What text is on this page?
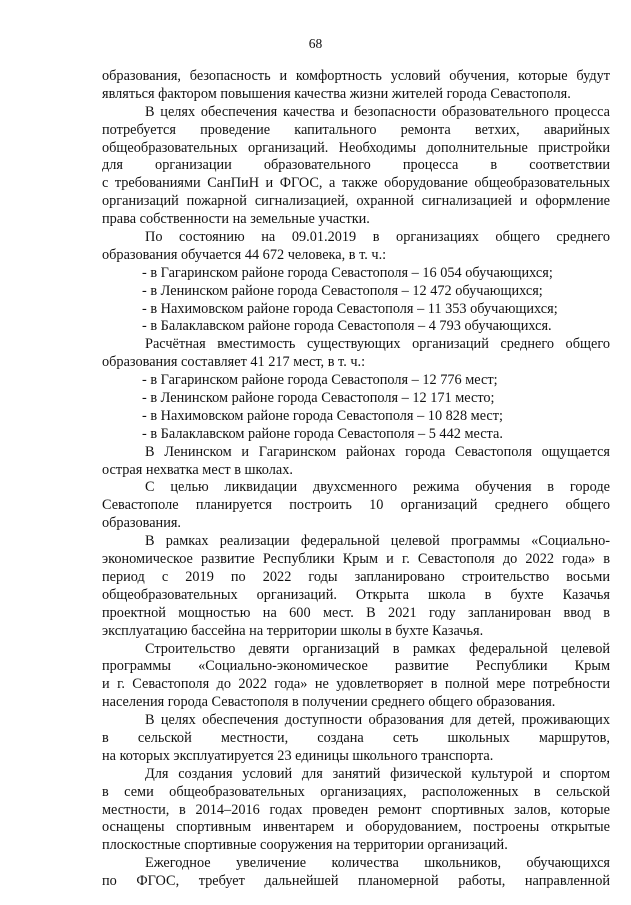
68
образования, безопасность и комфортность условий обучения, которые будут
являться фактором повышения качества жизни жителей города Севастополя.
В целях обеспечения качества и безопасности образовательного процесса
потребуется проведение капитального ремонта ветхих, аварийных
общеобразовательных организаций. Необходимы дополнительные пристройки
для организации образовательного процесса в соответствии
с требованиями СанПиН и ФГОС, а также оборудование общеобразовательных
организаций пожарной сигнализацией, охранной сигнализацией и оформление
права собственности на земельные участки.
По состоянию на 09.01.2019 в организациях общего среднего
образования обучается 44 672 человека, в т. ч.:
- в Гагаринском районе города Севастополя – 16 054 обучающихся;
- в Ленинском районе города Севастополя – 12 472 обучающихся;
- в Нахимовском районе города Севастополя – 11 353 обучающихся;
- в Балаклавском районе города Севастополя – 4 793 обучающихся.
Расчётная вместимость существующих организаций среднего общего
образования составляет 41 217 мест, в т. ч.:
- в Гагаринском районе города Севастополя – 12 776 мест;
- в Ленинском районе города Севастополя – 12 171 место;
- в Нахимовском районе города Севастополя – 10 828 мест;
- в Балаклавском районе города Севастополя – 5 442 места.
В Ленинском и Гагаринском районах города Севастополя ощущается
острая нехватка мест в школах.
С целью ликвидации двухсменного режима обучения в городе
Севастополе планируется построить 10 организаций среднего общего
образования.
В рамках реализации федеральной целевой программы «Социально-
экономическое развитие Республики Крым и г. Севастополя до 2022 года» в
период с 2019 по 2022 годы запланировано строительство восьми
общеобразовательных организаций. Открыта школа в бухте Казачья
проектной мощностью на 600 мест. В 2021 году запланирован ввод в
эксплуатацию бассейна на территории школы в бухте Казачья.
Строительство девяти организаций в рамках федеральной целевой
программы «Социально-экономическое развитие Республики Крым
и г. Севастополя до 2022 года» не удовлетворяет в полной мере потребности
населения города Севастополя в получении среднего общего образования.
В целях обеспечения доступности образования для детей, проживающих
в сельской местности, создана сеть школьных маршрутов,
на которых эксплуатируется 23 единицы школьного транспорта.
Для создания условий для занятий физической культурой и спортом
в семи общеобразовательных организациях, расположенных в сельской
местности, в 2014–2016 годах проведен ремонт спортивных залов, которые
оснащены спортивным инвентарем и оборудованием, построены открытые
плоскостные спортивные сооружения на территории организаций.
Ежегодное увеличение количества школьников, обучающихся
по ФГОС, требует дальнейшей планомерной работы, направленной
